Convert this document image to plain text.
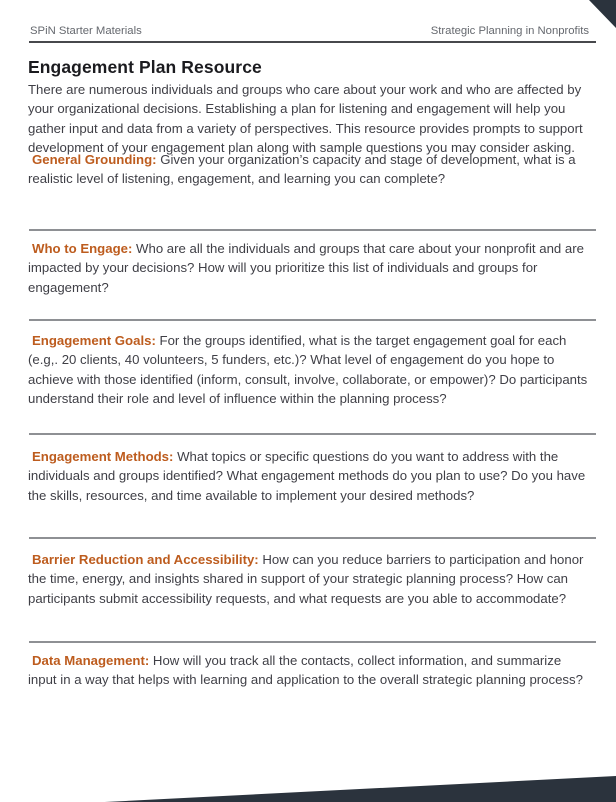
SPiN Starter Materials	Strategic Planning in Nonprofits
Engagement Plan Resource

There are numerous individuals and groups who care about your work and who are affected by your organizational decisions. Establishing a plan for listening and engagement will help you gather input and data from a variety of perspectives. This resource provides prompts to support development of your engagement plan along with sample questions you may consider asking.

General Grounding: Given your organization’s capacity and stage of development, what is a realistic level of listening, engagement, and learning you can complete?

Who to Engage: Who are all the individuals and groups that care about your nonprofit and are impacted by your decisions? How will you prioritize this list of individuals and groups for engagement?

Engagement Goals: For the groups identified, what is the target engagement goal for each (e.g,. 20 clients, 40 volunteers, 5 funders, etc.)? What level of engagement do you hope to achieve with those identified (inform, consult, involve, collaborate, or empower)? Do participants understand their role and level of influence within the planning process?

Engagement Methods: What topics or specific questions do you want to address with the individuals and groups identified? What engagement methods do you plan to use? Do you have the skills, resources, and time available to implement your desired methods?

Barrier Reduction and Accessibility: How can you reduce barriers to participation and honor the time, energy, and insights shared in support of your strategic planning process? How can participants submit accessibility requests, and what requests are you able to accommodate?

Data Management: How will you track all the contacts, collect information, and summarize input in a way that helps with learning and application to the overall strategic planning process?
